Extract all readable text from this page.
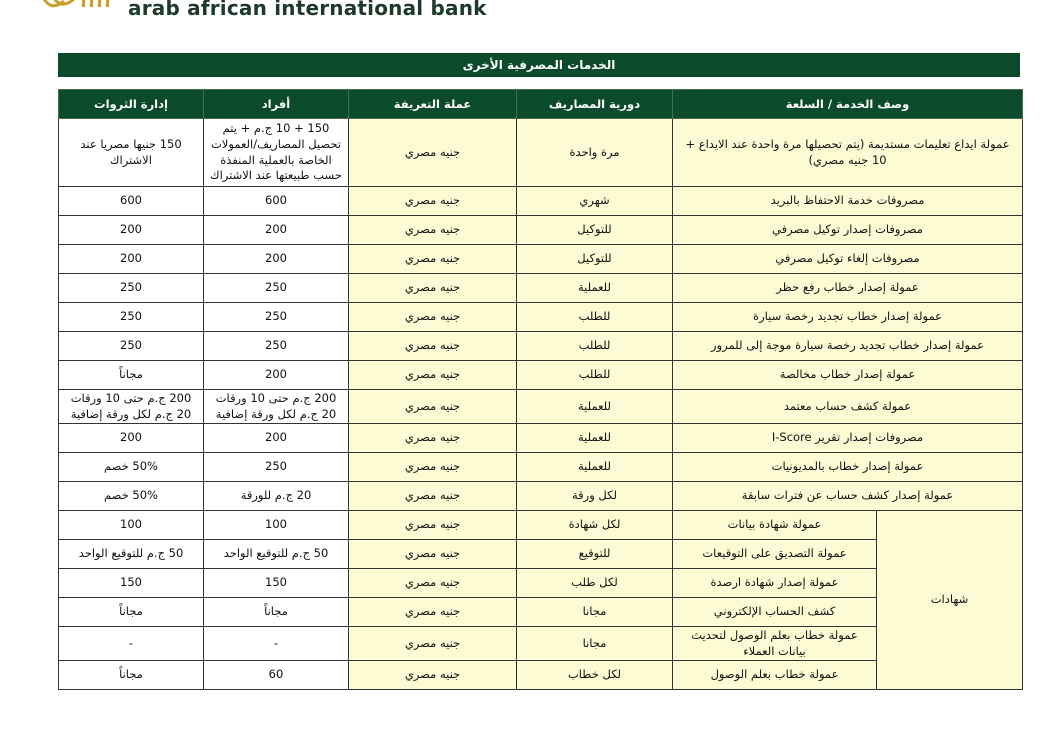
arab african international bank
الخدمات المصرفية الأخرى
إدارة الثروات	أفراد	عملة التعريفة	دورية المصاريف	وصف الخدمة / السلعة	
150 جنيها مصريا عند الاشتراك	150 + 10 ج.م + يتم تحصيل المصاريف/العمولات الخاصة بالعملية المنفذة حسب طبيعتها عند الاشتراك	جنيه مصري	مرة واحدة	عمولة ايداع تعليمات مستديمة (يتم تحصيلها مرة واحدة عند الايداع + 10 جنيه مصري)	
600	600	جنيه مصري	شهري	مصروفات خدمة الاحتفاظ بالبريد	
200	200	جنيه مصري	للتوكيل	مصروفات إصدار توكيل مصرفي	
200	200	جنيه مصري	للتوكيل	مصروفات إلغاء توكيل مصرفي	
250	250	جنيه مصري	للعملية	عمولة إصدار خطاب رفع حظر	
250	250	جنيه مصري	للطلب	عمولة إصدار خطاب تجديد رخصة سيارة	
250	250	جنيه مصري	للطلب	عمولة إصدار خطاب تجديد رخصة سيارة موجة إلى للمرور	
مجاناً	200	جنيه مصري	للطلب	عمولة إصدار خطاب مخالصة	
200 ج.م حتى 10 ورقات 20 ج.م لكل ورقة إضافية	200 ج.م حتى 10 ورقات 20 ج.م لكل ورقة إضافية	جنيه مصري	للعملية	عمولة كشف حساب معتمد	
200	200	جنيه مصري	للعملية	مصروفات إصدار تقرير I-Score	
50% خصم	250	جنيه مصري	للعملية	عمولة إصدار خطاب بالمديونيات	
50% خصم	20 ج.م للورقة	جنيه مصري	لكل ورقة	عمولة إصدار كشف حساب عن فترات سابقة	
100	100	جنيه مصري	لكل شهادة	عمولة شهادة بيانات	شهادات
50 ج.م للتوقيع الواحد	50 ج.م للتوقيع الواحد	جنيه مصري	للتوقيع	عمولة التصديق على التوقيعات	
150	150	جنيه مصري	لكل طلب	عمولة إصدار شهادة ارصدة	
مجاناً	مجاناً	جنيه مصري	مجانا	كشف الحساب الإلكتروني	
-	-	جنيه مصري	مجانا	عمولة خطاب بعلم الوصول لتحديث بيانات العملاء	
مجاناً	60	جنيه مصري	لكل خطاب	عمولة خطاب بعلم الوصول	
